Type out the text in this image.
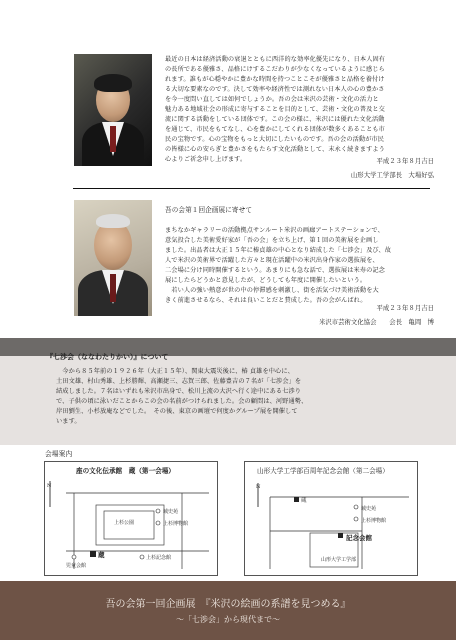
最近の日本は経済活動の衰退とともに西洋的な効率化優先になり、日本人固有
の長所である優雅さ、品格にけするこだわりが少なくなっているように感じら
れます。誰もが心穏やかに豊かな時間を持つことこそが優雅さと品格を養付け
る大切な要素なのです。決して効率や経済性では測れない日本人の心の豊かさ
を今一度問い直しては如何でしょうか。吾の会は米沢の芸術・文化の活力と
魅力ある地域社会の形成に寄与することを目的として、芸術・文化の普及と交
流に関する活動をしている団体です。この会の様に、米沢には優れた文化活動
を通じて、市民をもてなし、心を豊かにしてくれる団体が数多くあることも市
民の宝物です。心の宝物をもっと大切にしたいものです。吾の会の活動が市民
の皆様に心の安らぎと豊かさをもたらす文化活動として、末永く続きますよう
心よりご祈念申し上げます。	平成２３年８月吉日
山形大学工学部長　大場好弘
吾の会第１回企画展に寄せて
まちなかギャラリーの活動拠点サンルート米沢の画廊アートステーションで、
意気投合した美術愛好家が「吾の会」を立ち上げ、第１回の美術展を企画し
ました。出品者は大正１５年に椿貞雄の中心となり結成した「七渉会」及び、故
人で米沢の美術界で活躍した方々と現在活躍中の米沢出身作家の選抜展を、
二会場に分け同時開催するという。あまりにも急な話で、選抜展は米寿の記念
展にしたらどうかと意見したが、どうしても年度に開催したいという。
　若い人の強い熱意が世の中の停滞感を刺激し、街を活気づけ美術活動を大
きく前進させるなら、それは良いことだと賛成した。吾の会がんばれ。
平成２３年８月吉日
米沢市芸術文化協会　　会長　亀岡　博
『七渉会（ななわたりかい）』について
　今から８５年前の１９２６年（大正１５年）、関東大震災後に、椿 貞雄を中心に、
土田文雄、村山秀雄、上杉勝輝、高瀬捷三、志賀三郎、佐藤豊吉の７名が「七渉会」を
結成しました。７名はいずれも米沢市出身で、松川上流の大沢へ行く途中にある七渉り
で、子供の頃に泳いだことからこの会の名前がつけられました。会の顧問は、河野通勢、
岸田劉生、小杉放庵などでした。　その後、東京の画壇で何度かグループ展を開催して
います。
会場案内
座の文化伝承館　蔵（第一会場）
N
上杉公園
城史苑
上杉博物館
蔵	上杉記念館
児童会館
山形大学工学部百周年記念会館（第二会場）
N
城史苑
上杉博物館
蔵
記念会館
山形大学工学部
吾の会第一回企画展　『米沢の絵画の系譜を見つめる』
～「七渉会」から現代まで～
